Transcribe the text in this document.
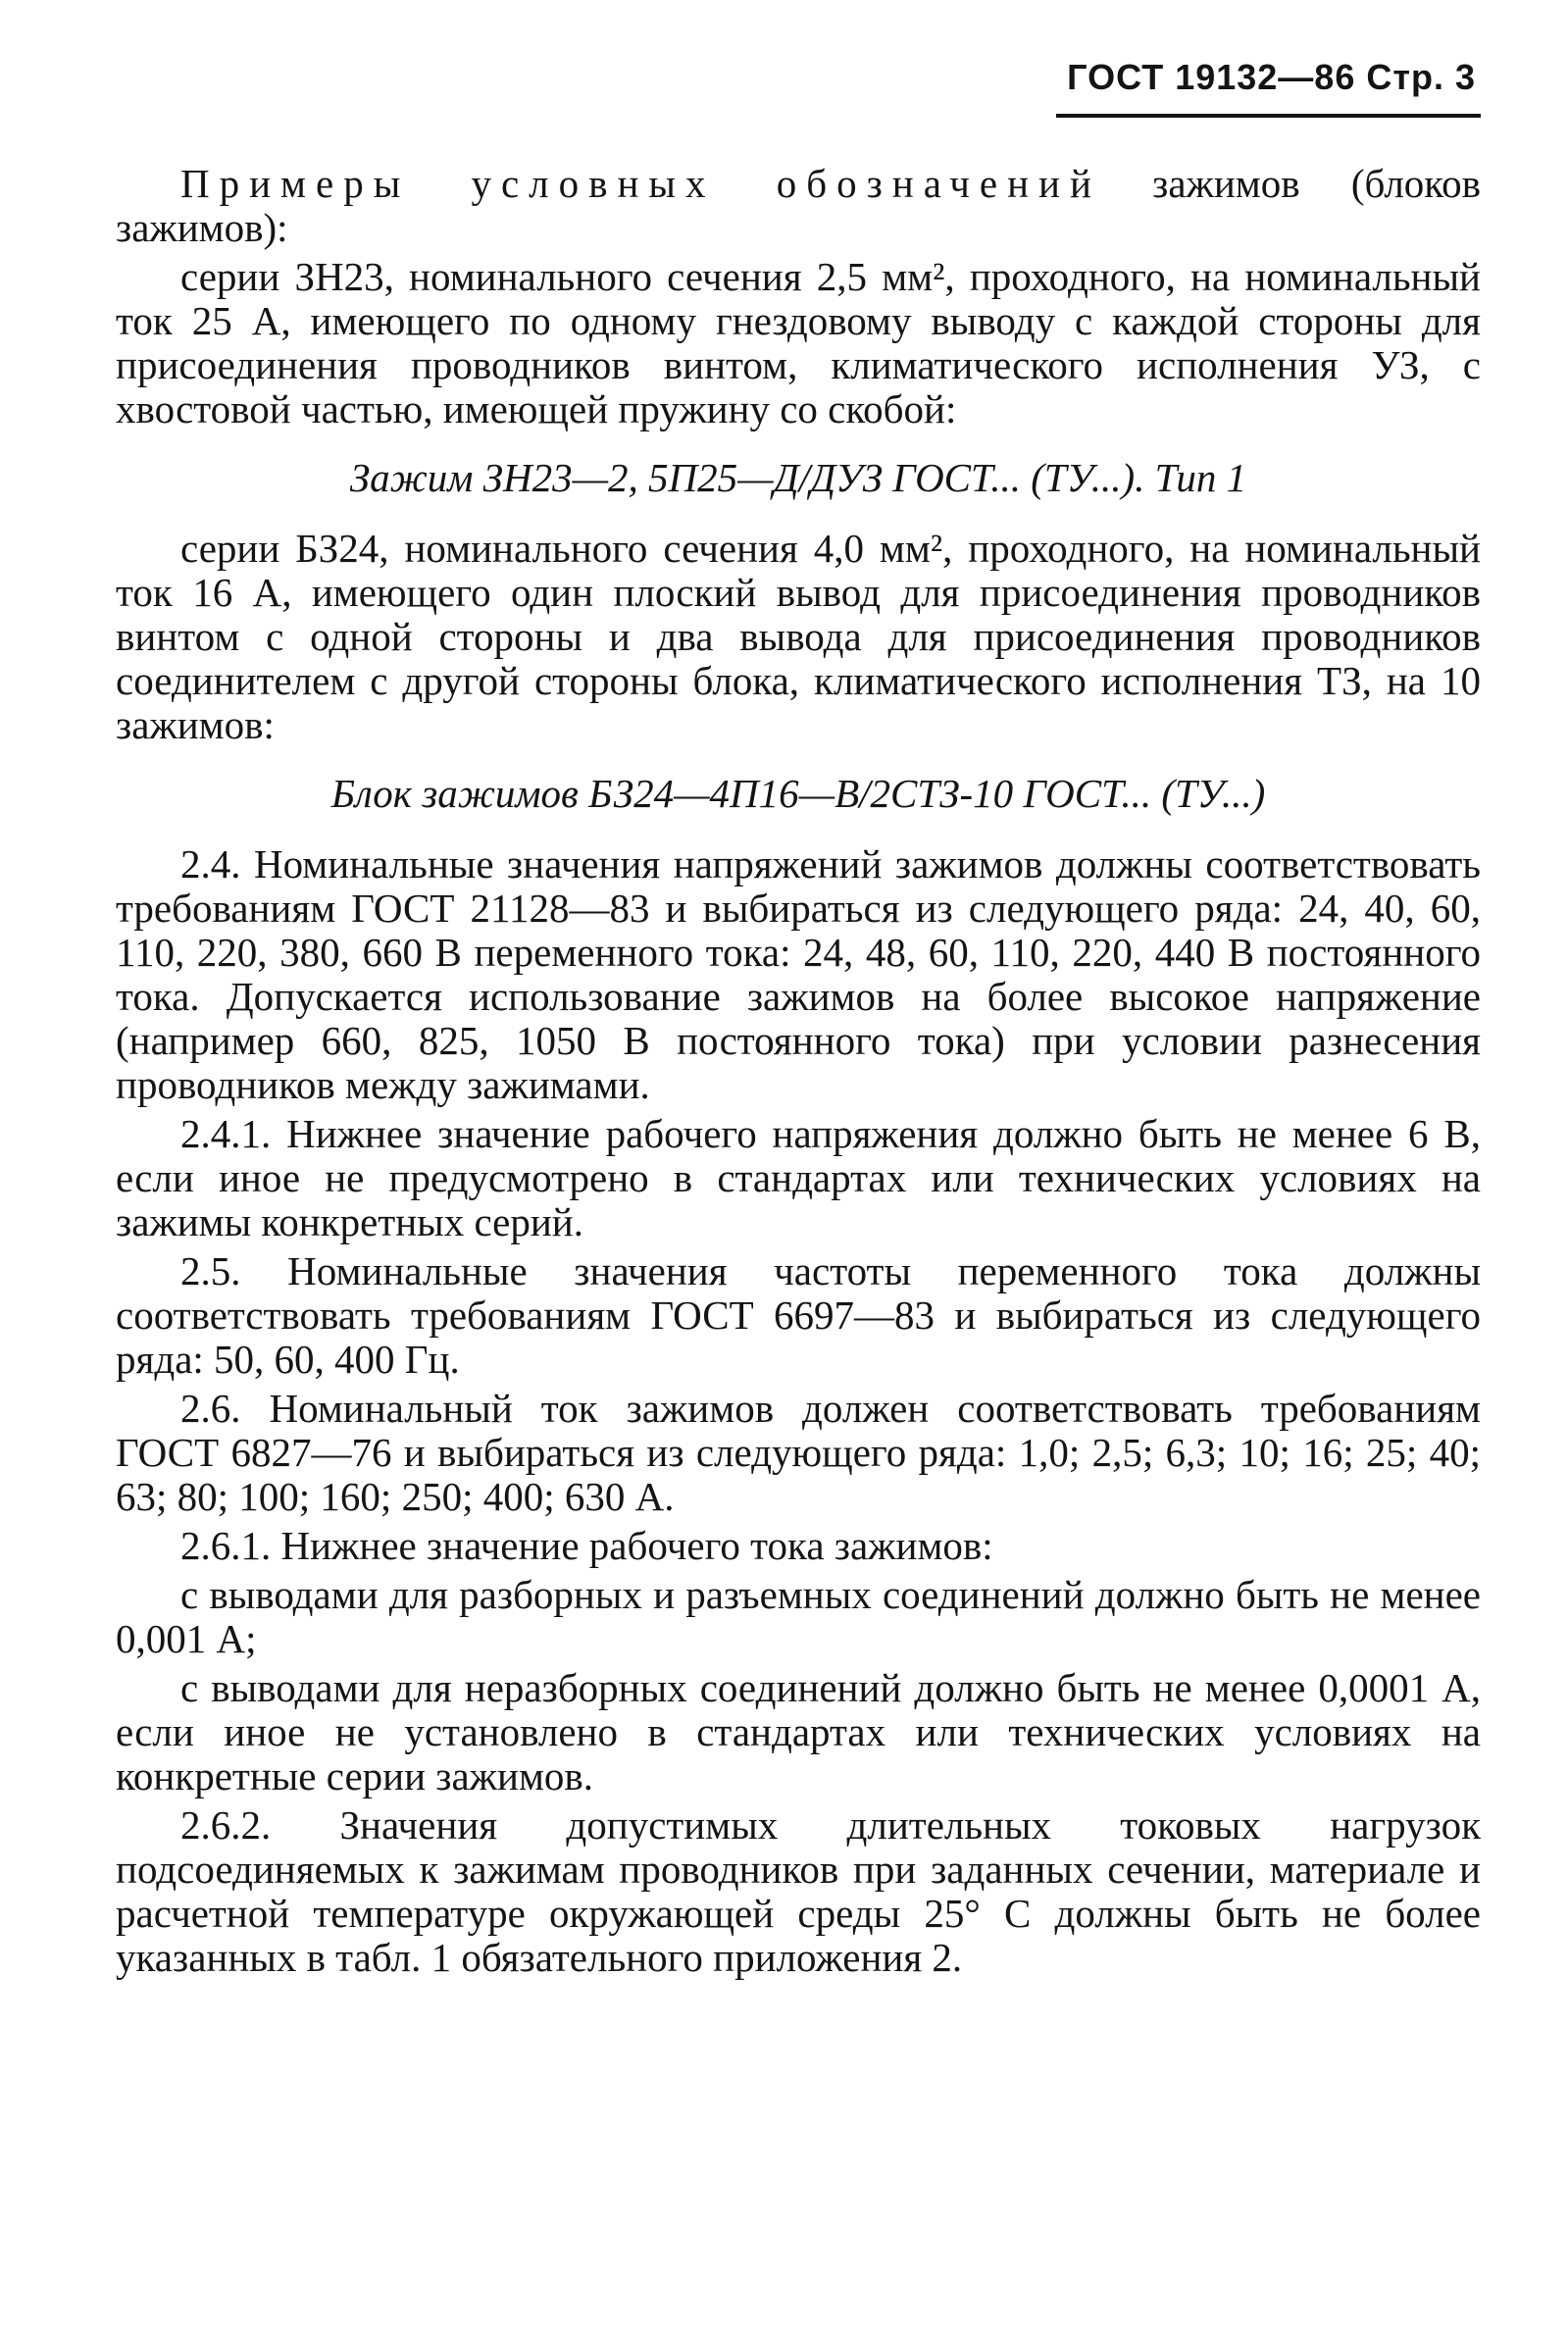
ГОСТ 19132—86 Стр. 3

Примеры условных обозначений зажимов (блоков зажимов):

серии ЗН23, номинального сечения 2,5 мм², проходного, на номинальный ток 25 А, имеющего по одному гнездовому выводу с каждой стороны для присоединения проводников винтом, климатического исполнения УЗ, с хвостовой частью, имеющей пружину со скобой:

Зажим ЗН23—2, 5П25—Д/ДУЗ ГОСТ... (ТУ...). Тип 1

серии БЗ24, номинального сечения 4,0 мм², проходного, на номинальный ток 16 А, имеющего один плоский вывод для присоединения проводников винтом с одной стороны и два вывода для присоединения проводников соединителем с другой стороны блока, климатического исполнения ТЗ, на 10 зажимов:

Блок зажимов БЗ24—4П16—В/2СТЗ-10 ГОСТ... (ТУ...)

2.4. Номинальные значения напряжений зажимов должны соответствовать требованиям ГОСТ 21128—83 и выбираться из следующего ряда: 24, 40, 60, 110, 220, 380, 660 В переменного тока: 24, 48, 60, 110, 220, 440 В постоянного тока. Допускается использование зажимов на более высокое напряжение (например 660, 825, 1050 В постоянного тока) при условии разнесения проводников между зажимами.

2.4.1. Нижнее значение рабочего напряжения должно быть не менее 6 В, если иное не предусмотрено в стандартах или технических условиях на зажимы конкретных серий.

2.5. Номинальные значения частоты переменного тока должны соответствовать требованиям ГОСТ 6697—83 и выбираться из следующего ряда: 50, 60, 400 Гц.

2.6. Номинальный ток зажимов должен соответствовать требованиям ГОСТ 6827—76 и выбираться из следующего ряда: 1,0; 2,5; 6,3; 10; 16; 25; 40; 63; 80; 100; 160; 250; 400; 630 А.

2.6.1. Нижнее значение рабочего тока зажимов:

с выводами для разборных и разъемных соединений должно быть не менее 0,001 А;

с выводами для неразборных соединений должно быть не менее 0,0001 А, если иное не установлено в стандартах или технических условиях на конкретные серии зажимов.

2.6.2. Значения допустимых длительных токовых нагрузок подсоединяемых к зажимам проводников при заданных сечении, материале и расчетной температуре окружающей среды 25° С должны быть не более указанных в табл. 1 обязательного приложения 2.
